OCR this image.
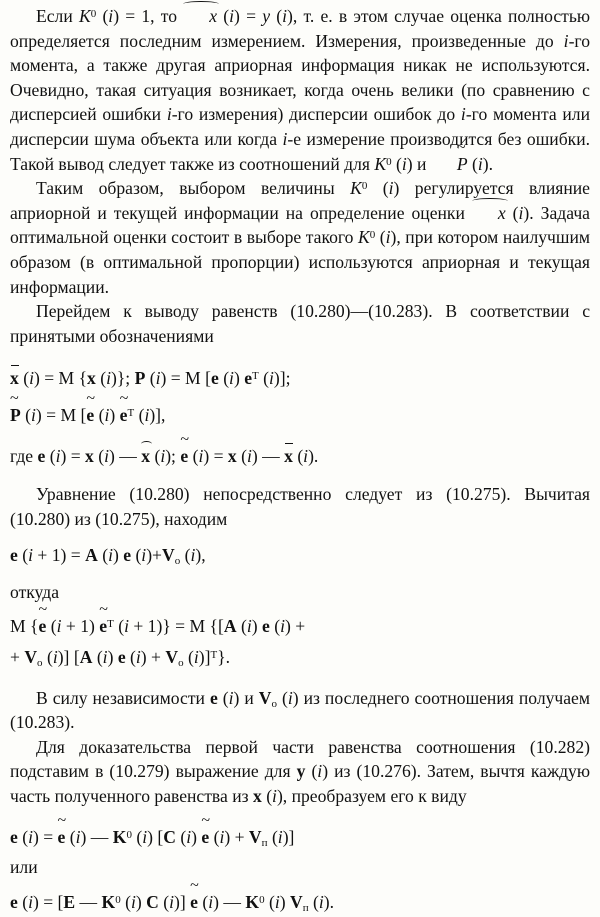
Если $K^0$ (i) = 1, то x (i) = y (i), т. е. в этом случае оценка полностью определяется последним измерением. Измерения, произведенные до i-го момента, а также другая априорная информация никак не используются. Очевидно, такая ситуация возникает, когда очень велики (по сравнению с дисперсией ошибки i-го измерения) дисперсии ошибок до i-го момента или дисперсии шума объекта или когда i-е измерение производится без ошибки. Такой вывод следует также из соотношений для $K^0$ (i) и ~ P (i).

Таким образом, выбором величины $K^0$ (i) регулируется влияние априорной и текущей информации на определение оценки x (i). Задача оптимальной оценки состоит в выборе такого $K^0$ (i), при котором наилучшим образом (в оптимальной пропорции) используются априорная и текущая информации.

Перейдем к выводу равенств (10.280)—(10.283). В соответствии с принятыми обозначениями

x (i) = M {x (i)}; P (i) = M [e (i) $e^T$ (i)];

~ P (i) = M [~ e (i) ~ $e^T$ (i)],

где e (i) = x (i) — x (i); ~ e (i) = x (i) — x (i).

Уравнение (10.280) непосредственно следует из (10.275). Вычитая (10.280) из (10.275), находим

e (i + 1) = A (i) e $(i)+V_o$ (i),

откуда

M {~ e (i + 1) ~ $e^T$ (i + 1)} = M {[A (i) e (i) +

+ $V_o$ (i)] [A (i) e $(i) + V_o$ (i)]$^T$}.

В силу независимости e (i) и $V_o$ (i) из последнего соотношения получаем (10.283).

Для доказательства первой части равенства соотношения (10.282) подставим в (10.279) выражение для y (i) из (10.276). Затем, вычтя каждую часть полученного равенства из x (i), преобразуем его к виду

e (i) = ~ e (i) — $K^0$ (i) [C (i) ~ e $(i) + V_п$ (i)]

или

e (i) = [E — $K^0$ (i) C (i)] ~ e (i) — $K^0$ (i) $V_п$ (i).
